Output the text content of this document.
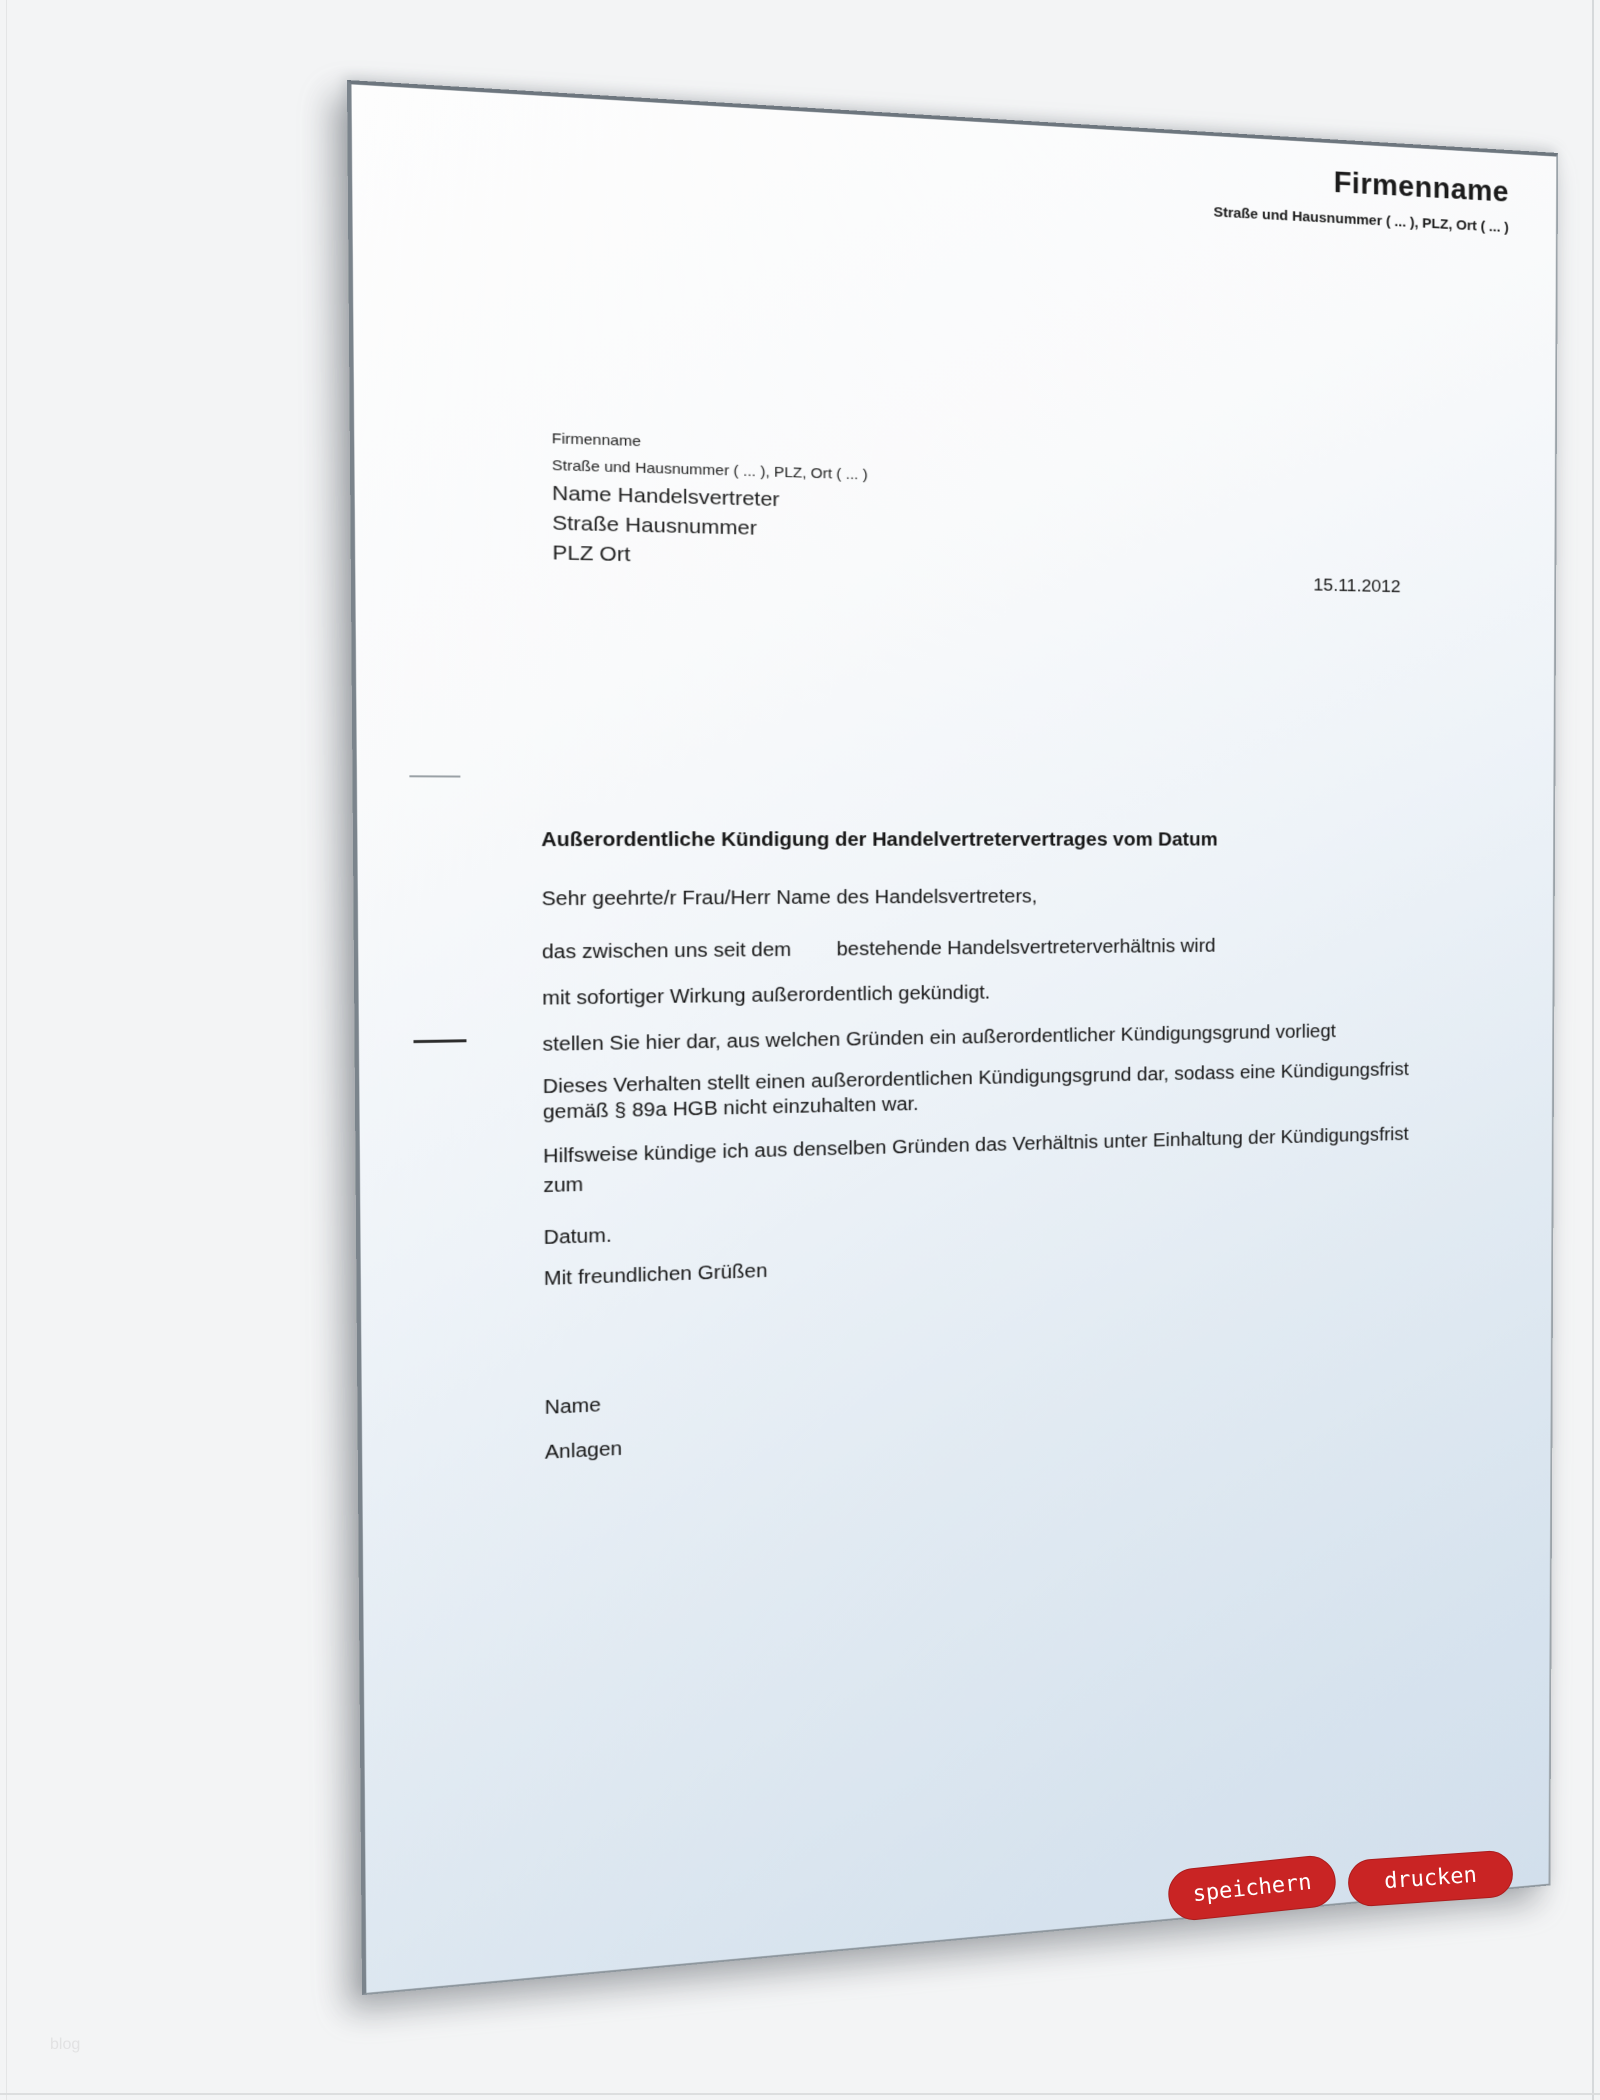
Firmenname
Straße und Hausnummer ( ... ), PLZ, Ort ( ... )
Firmenname
Straße und Hausnummer ( ... ), PLZ, Ort ( ... )
Name Handelsvertreter
Straße Hausnummer
PLZ Ort
15.11.2012
Außerordentliche Kündigung der Handelvertretervertrages vom Datum
Sehr geehrte/r Frau/Herr Name des Handelsvertreters,
das zwischen uns seit dem        bestehende Handelsvertreterverhältnis wird
mit sofortiger Wirkung außerordentlich gekündigt.
stellen Sie hier dar, aus welchen Gründen ein außerordentlicher Kündigungsgrund vorliegt
Dieses Verhalten stellt einen außerordentlichen Kündigungsgrund dar, sodass eine Kündigungsfrist
gemäß § 89a HGB nicht einzuhalten war.
Hilfsweise kündige ich aus denselben Gründen das Verhältnis unter Einhaltung der Kündigungsfrist
zum
Datum.
Mit freundlichen Grüßen
Name
Anlagen
speichern	drucken
blog
